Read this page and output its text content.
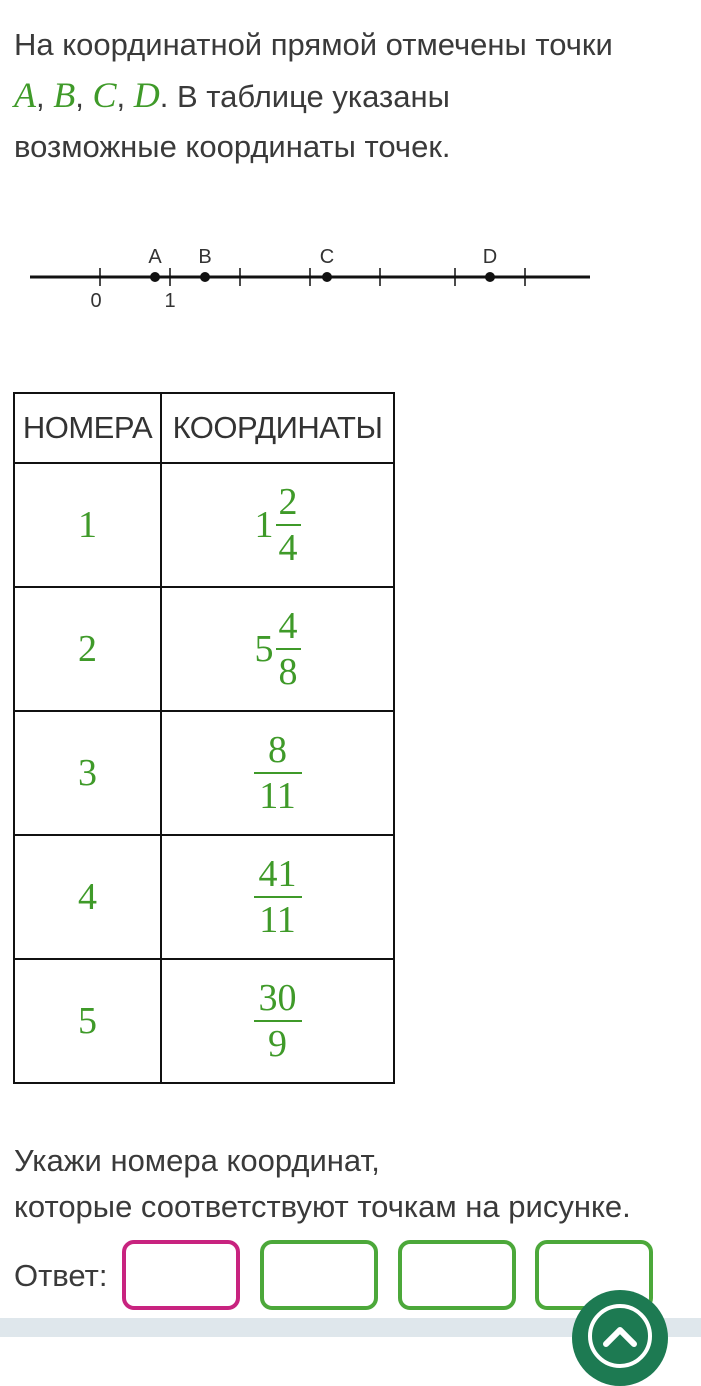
На координатной прямой отмечены точки
A, B, C, D. В таблице указаны
возможные координаты точек.
0	1
A B	C	D
НОМЕРА	КООРДИНАТЫ
1	$1 \frac{2}{4}$

2	$5 \frac{4}{8}$

3	$\frac{8}{11}$

4	$\frac{41}{11}$

5	$\frac{30}{9}$
Укажи номера координат,
которые соответствуют точкам на рисунке.
Ответ:
